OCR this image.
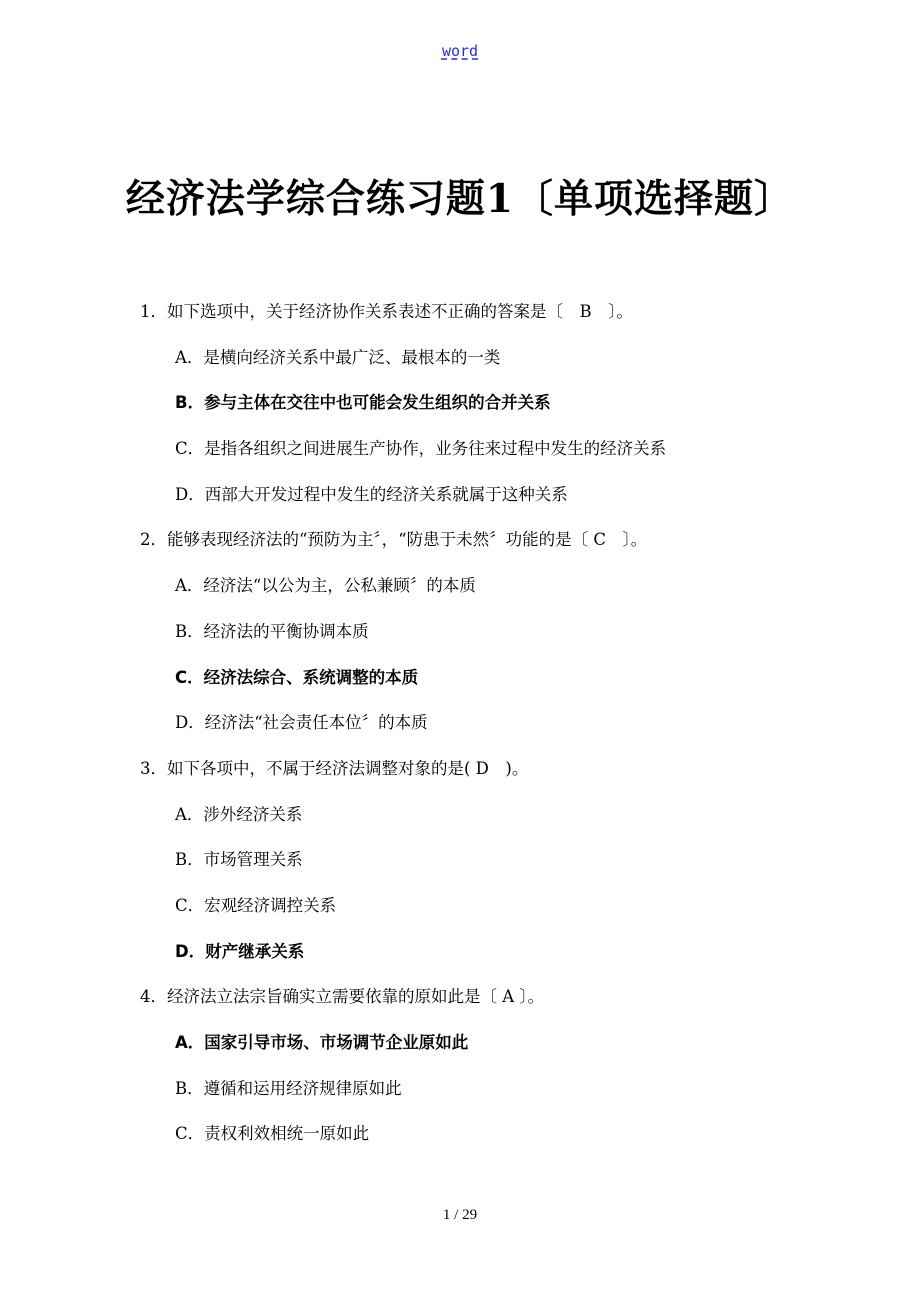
word
经济法学综合练习题1〔单项选择题〕
1．如下选项中，关于经济协作关系表述不正确的答案是〔　B　〕。
A．是横向经济关系中最广泛、最根本的一类
B．参与主体在交往中也可能会发生组织的合并关系
C．是指各组织之间进展生产协作，业务往来过程中发生的经济关系
D．西部大开发过程中发生的经济关系就属于这种关系
2．能够表现经济法的“预防为主〞，“防患于未然〞功能的是〔 C　〕。
A．经济法“以公为主，公私兼顾〞的本质
B．经济法的平衡协调本质
C．经济法综合、系统调整的本质
D．经济法“社会责任本位〞的本质
3．如下各项中，不属于经济法调整对象的是( D　)。
A．涉外经济关系
B．市场管理关系
C．宏观经济调控关系
D．财产继承关系
4．经济法立法宗旨确实立需要依靠的原如此是〔 A 〕。
A．国家引导市场、市场调节企业原如此
B．遵循和运用经济规律原如此
C．责权利效相统一原如此
1 / 29
